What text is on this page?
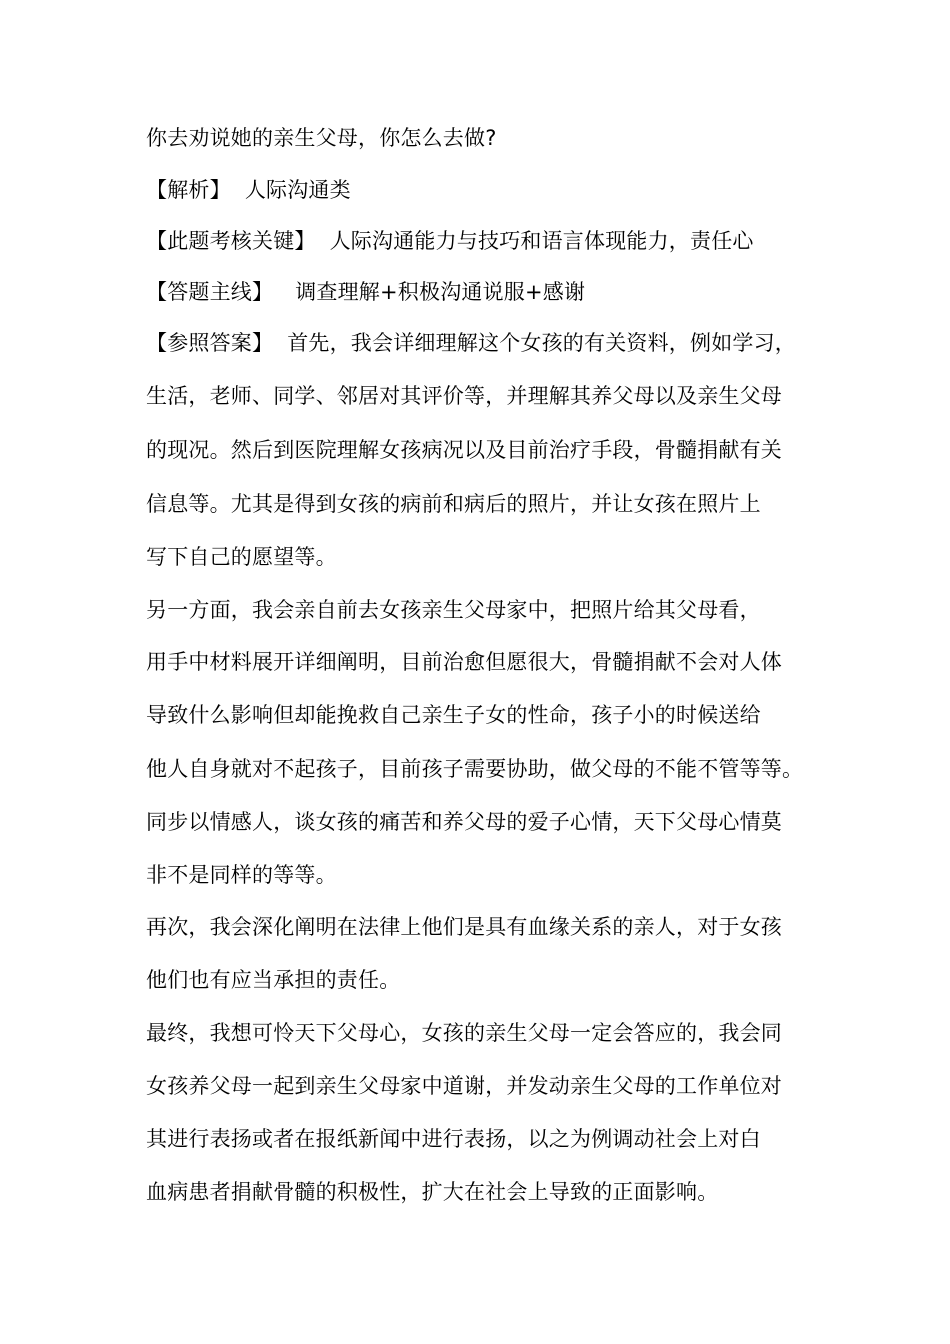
你去劝说她的亲生父母，你怎么去做?
【解析】 人际沟通类
【此题考核关键】 人际沟通能力与技巧和语言体现能力，责任心
【答题主线】 调查理解+积极沟通说服+感谢
【参照答案】 首先，我会详细理解这个女孩的有关资料，例如学习，
生活，老师、同学、邻居对其评价等，并理解其养父母以及亲生父母
的现况。然后到医院理解女孩病况以及目前治疗手段，骨髓捐献有关
信息等。尤其是得到女孩的病前和病后的照片，并让女孩在照片上
写下自己的愿望等。
另一方面，我会亲自前去女孩亲生父母家中，把照片给其父母看，
用手中材料展开详细阐明，目前治愈但愿很大，骨髓捐献不会对人体
导致什么影响但却能挽救自己亲生子女的性命，孩子小的时候送给
他人自身就对不起孩子，目前孩子需要协助，做父母的不能不管等等。
同步以情感人，谈女孩的痛苦和养父母的爱子心情，天下父母心情莫
非不是同样的等等。
再次，我会深化阐明在法律上他们是具有血缘关系的亲人，对于女孩
他们也有应当承担的责任。
最终，我想可怜天下父母心，女孩的亲生父母一定会答应的，我会同
女孩养父母一起到亲生父母家中道谢，并发动亲生父母的工作单位对
其进行表扬或者在报纸新闻中进行表扬，以之为例调动社会上对白
血病患者捐献骨髓的积极性，扩大在社会上导致的正面影响。
